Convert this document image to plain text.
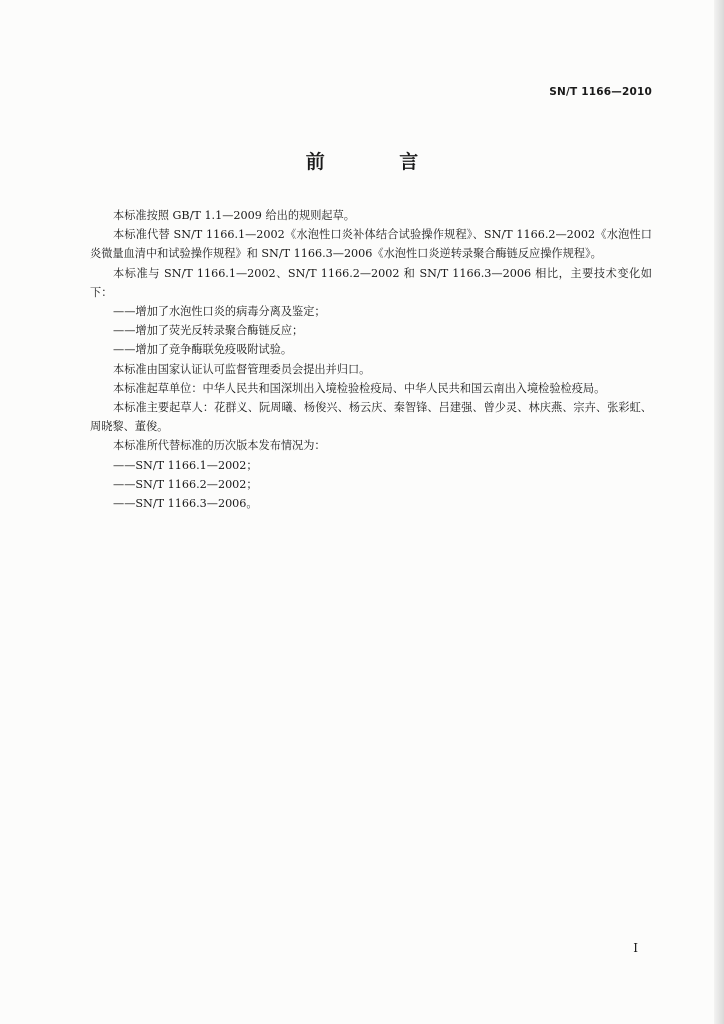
SN/T 1166—2010
前 言

本标准按照 GB/T 1.1—2009 给出的规则起草。

本标准代替 SN/T 1166.1—2002《水泡性口炎补体结合试验操作规程》、SN/T 1166.2—2002《水泡性口炎微量血清中和试验操作规程》和 SN/T 1166.3—2006《水泡性口炎逆转录聚合酶链反应操作规程》。

本标准与 SN/T 1166.1—2002、SN/T 1166.2—2002 和 SN/T 1166.3—2006 相比，主要技术变化如下：

——增加了水泡性口炎的病毒分离及鉴定；

——增加了荧光反转录聚合酶链反应；

——增加了竞争酶联免疫吸附试验。

本标准由国家认证认可监督管理委员会提出并归口。

本标准起草单位：中华人民共和国深圳出入境检验检疫局、中华人民共和国云南出入境检验检疫局。

本标准主要起草人：花群义、阮周曦、杨俊兴、杨云庆、秦智锋、吕建强、曾少灵、林庆燕、宗卉、张彩虹、周晓黎、董俊。

本标准所代替标准的历次版本发布情况为：

——SN/T 1166.1—2002；

——SN/T 1166.2—2002；

——SN/T 1166.3—2006。

I
